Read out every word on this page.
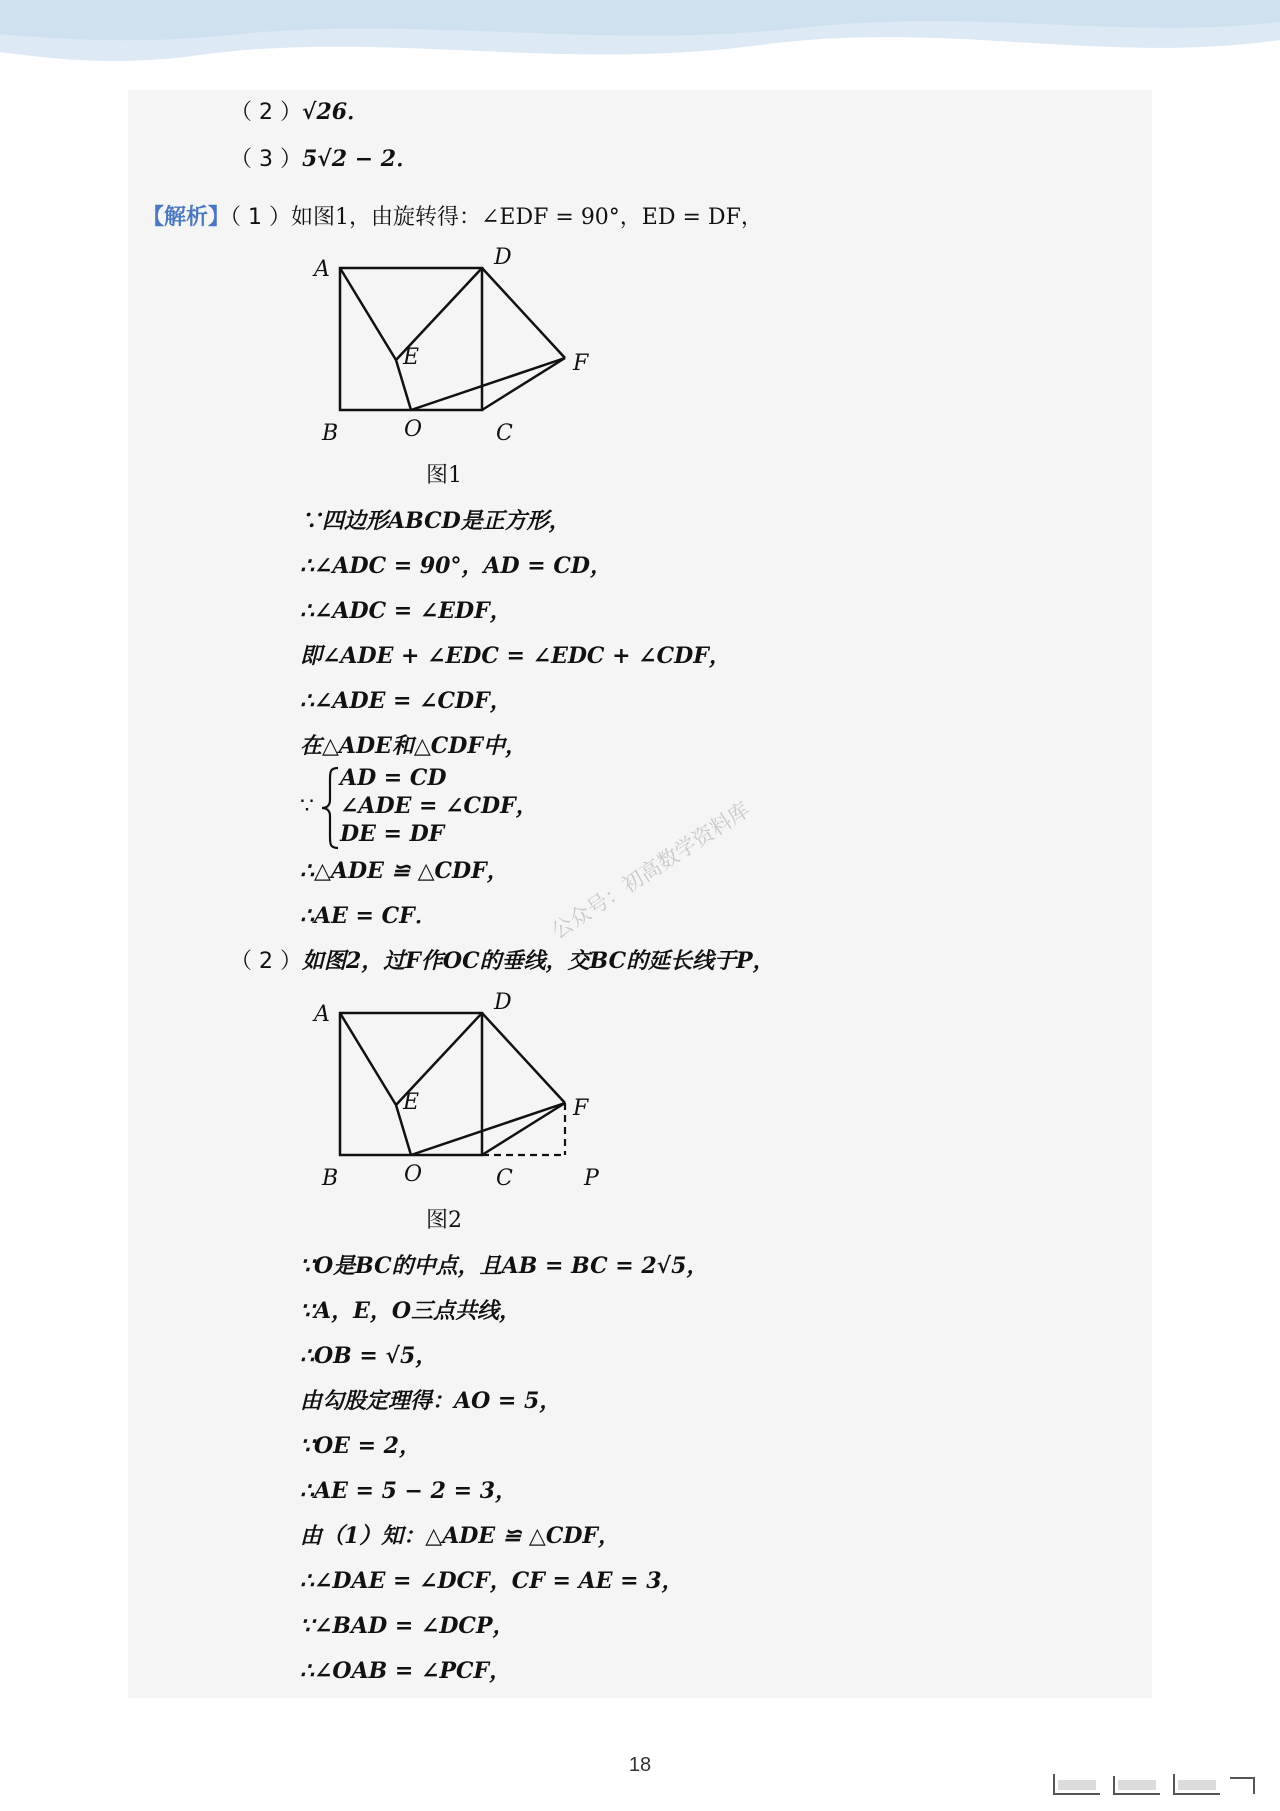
（ 2 ）√26．
（ 3 ）5√2 − 2．
【解析】（ 1 ）如图1，由旋转得：∠EDF = 90°，ED = DF，
A
B	C
D
E	F
O
图1
∵四边形ABCD是正方形，
∴∠ADC = 90°，AD = CD，
∴∠ADC = ∠EDF，
即∠ADE + ∠EDC = ∠EDC + ∠CDF，
∴∠ADE = ∠CDF，
在△ADE和△CDF中，
∵
AD = CD
∠ADE = ∠CDF，
DE = DF
∴△ADE ≌ △CDF，
∴AE = CF．
（ 2 ）如图2，过F作OC的垂线，交BC的延长线于P，
A
B	C
D
E	F
O	P
图2
∵O是BC的中点，且AB = BC = 2√5，
∵A，E，O三点共线，
∴OB = √5，
由勾股定理得：AO = 5，
∵OE = 2，
∴AE = 5 − 2 = 3，
由（1）知：△ADE ≌ △CDF，
∴∠DAE = ∠DCF，CF = AE = 3，
∵∠BAD = ∠DCP，
∴∠OAB = ∠PCF，
公众号：初高数学资料库
18
